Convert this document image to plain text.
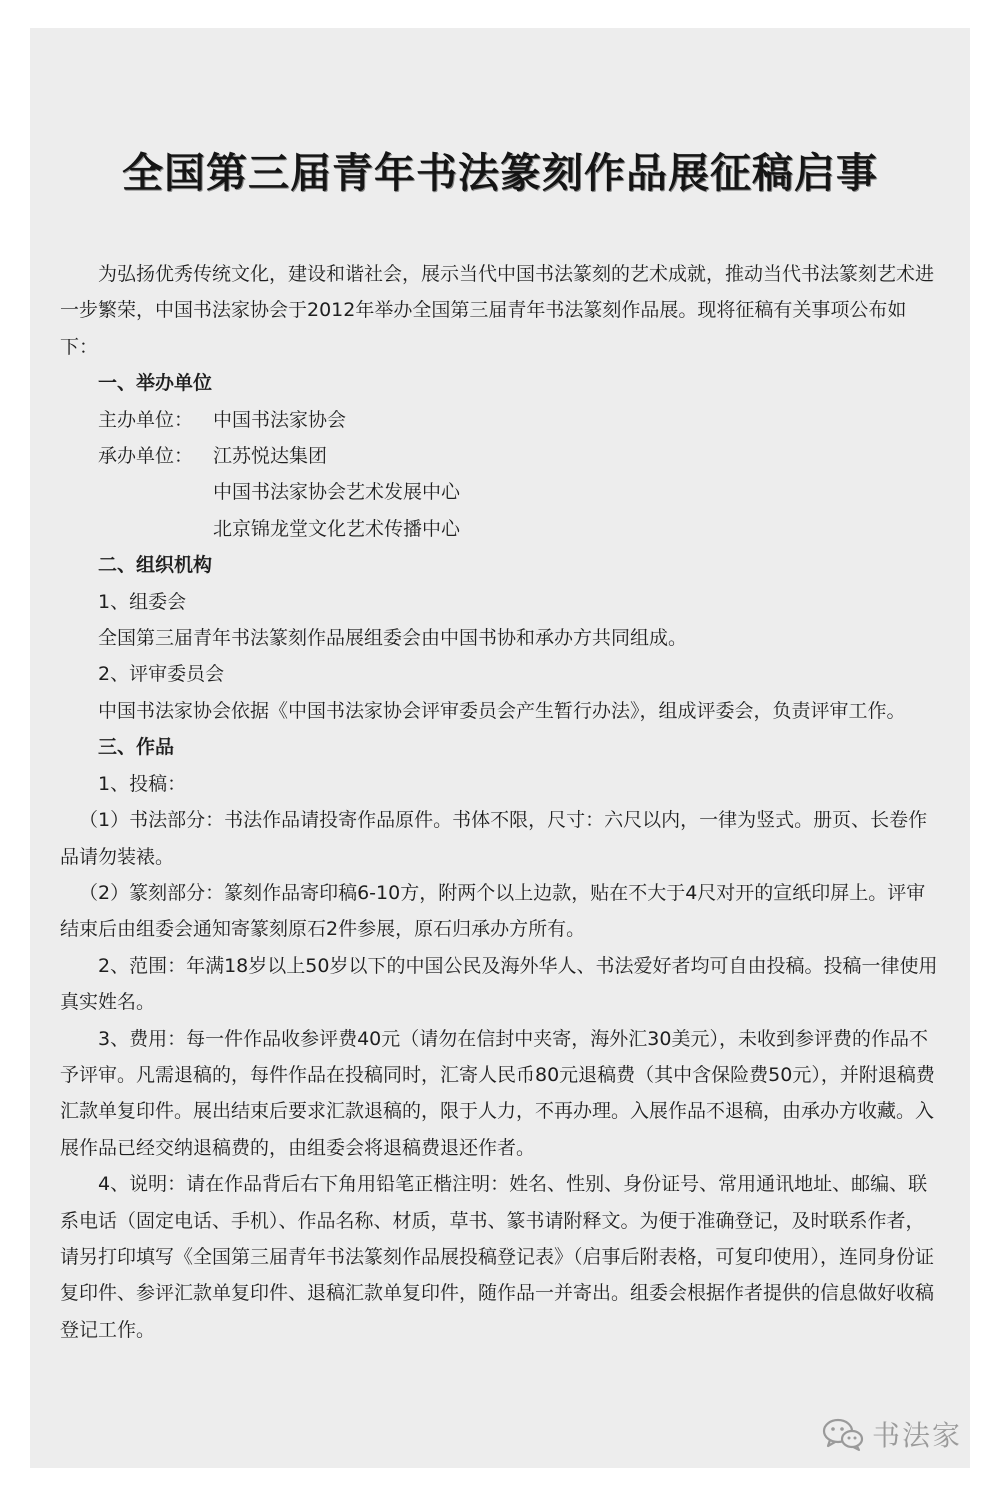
全国第三届青年书法篆刻作品展征稿启事

为弘扬优秀传统文化，建设和谐社会，展示当代中国书法篆刻的艺术成就，推动当代书法篆刻艺术进一步繁荣，中国书法家协会于2012年举办全国第三届青年书法篆刻作品展。现将征稿有关事项公布如下：

一、举办单位

主办单位：	中国书法家协会
承办单位：	江苏悦达集团
中国书法家协会艺术发展中心
北京锦龙堂文化艺术传播中心

二、组织机构

1、组委会

全国第三届青年书法篆刻作品展组委会由中国书协和承办方共同组成。

2、评审委员会

中国书法家协会依据《中国书法家协会评审委员会产生暂行办法》，组成评委会，负责评审工作。

三、作品

1、投稿：

（1）书法部分：书法作品请投寄作品原件。书体不限，尺寸：六尺以内，一律为竖式。册页、长卷作品请勿装裱。

（2）篆刻部分：篆刻作品寄印稿6-10方，附两个以上边款，贴在不大于4尺对开的宣纸印屏上。评审结束后由组委会通知寄篆刻原石2件参展，原石归承办方所有。

2、范围：年满18岁以上50岁以下的中国公民及海外华人、书法爱好者均可自由投稿。投稿一律使用真实姓名。

3、费用：每一件作品收参评费40元（请勿在信封中夹寄，海外汇30美元），未收到参评费的作品不予评审。凡需退稿的，每件作品在投稿同时，汇寄人民币80元退稿费（其中含保险费50元），并附退稿费汇款单复印件。展出结束后要求汇款退稿的，限于人力，不再办理。入展作品不退稿，由承办方收藏。入展作品已经交纳退稿费的，由组委会将退稿费退还作者。

4、说明：请在作品背后右下角用铅笔正楷注明：姓名、性别、身份证号、常用通讯地址、邮编、联系电话（固定电话、手机）、作品名称、材质，草书、篆书请附释文。为便于准确登记，及时联系作者，请另打印填写《全国第三届青年书法篆刻作品展投稿登记表》（启事后附表格，可复印使用），连同身份证复印件、参评汇款单复印件、退稿汇款单复印件，随作品一并寄出。组委会根据作者提供的信息做好收稿登记工作。

书法家
